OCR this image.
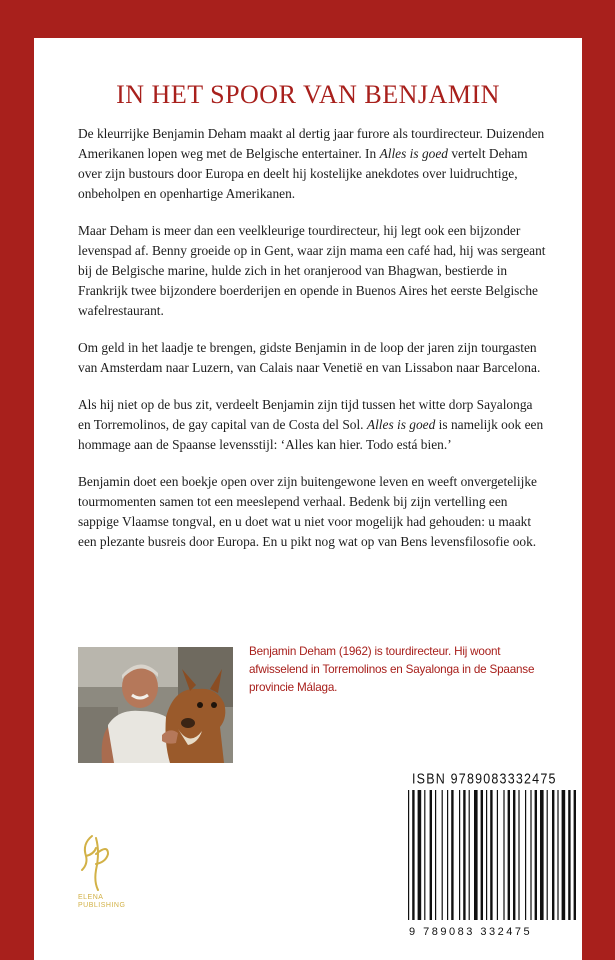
IN HET SPOOR VAN BENJAMIN

De kleurrijke Benjamin Deham maakt al dertig jaar furore als tourdirecteur. Duizenden Amerikanen lopen weg met de Belgische entertainer. In Alles is goed vertelt Deham over zijn bustours door Europa en deelt hij kostelijke anekdotes over luidruchtige, onbeholpen en openhartige Amerikanen.

Maar Deham is meer dan een veelkleurige tourdirecteur, hij legt ook een bijzonder levenspad af. Benny groeide op in Gent, waar zijn mama een café had, hij was sergeant bij de Belgische marine, hulde zich in het oranjerood van Bhagwan, bestierde in Frankrijk twee bijzondere boerderijen en opende in Buenos Aires het eerste Belgische wafelrestaurant.

Om geld in het laadje te brengen, gidste Benjamin in de loop der jaren zijn tourgasten van Amsterdam naar Luzern, van Calais naar Venetië en van Lissabon naar Barcelona.

Als hij niet op de bus zit, verdeelt Benjamin zijn tijd tussen het witte dorp Sayalonga en Torremolinos, de gay capital van de Costa del Sol. Alles is goed is namelijk ook een hommage aan de Spaanse levensstijl: ‘Alles kan hier. Todo está bien.’

Benjamin doet een boekje open over zijn buitengewone leven en weeft onvergetelijke tourmomenten samen tot een meeslepend verhaal. Bedenk bij zijn vertelling een sappige Vlaamse tongval, en u doet wat u niet voor mogelijk had gehouden: u maakt een plezante busreis door Europa. En u pikt nog wat op van Bens levensfilosofie ook.

Benjamin Deham (1962) is tourdirecteur. Hij woont afwisselend in Torremolinos en Sayalonga in de Spaanse provincie Málaga.
ELENA
PUBLISHING
ISBN 9789083332475
9 789083 332475
